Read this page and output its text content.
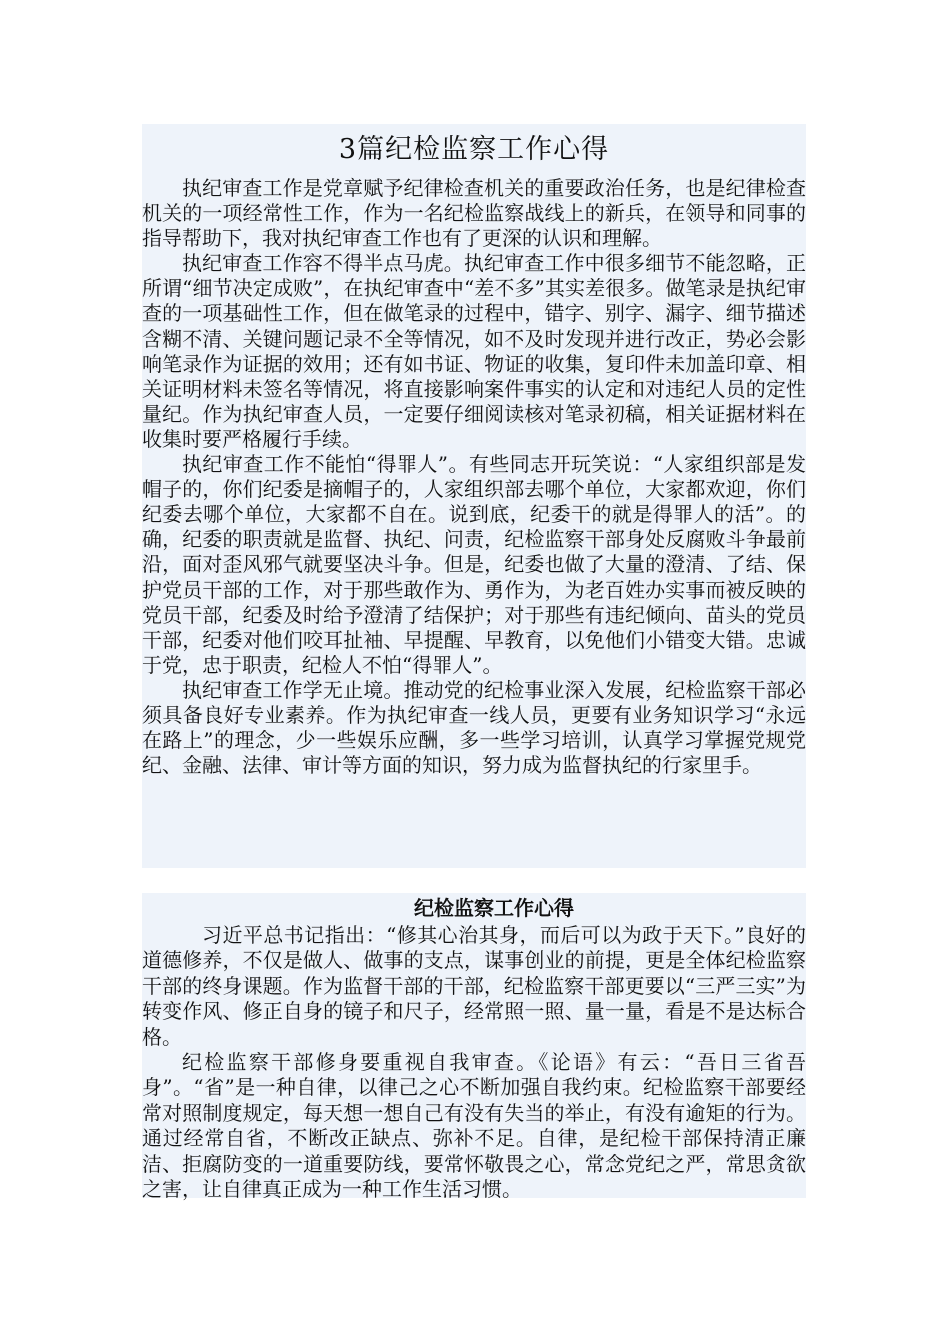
3篇纪检监察工作心得

执纪审查工作是党章赋予纪律检查机关的重要政治任务，也是纪律检查机关的一项经常性工作，作为一名纪检监察战线上的新兵，在领导和同事的指导帮助下，我对执纪审查工作也有了更深的认识和理解。

执纪审查工作容不得半点马虎。执纪审查工作中很多细节不能忽略，正所谓“细节决定成败”，在执纪审查中“差不多”其实差很多。做笔录是执纪审查的一项基础性工作，但在做笔录的过程中，错字、别字、漏字、细节描述含糊不清、关键问题记录不全等情况，如不及时发现并进行改正，势必会影响笔录作为证据的效用；还有如书证、物证的收集，复印件未加盖印章、相关证明材料未签名等情况，将直接影响案件事实的认定和对违纪人员的定性量纪。作为执纪审查人员，一定要仔细阅读核对笔录初稿，相关证据材料在收集时要严格履行手续。

执纪审查工作不能怕“得罪人”。有些同志开玩笑说：“人家组织部是发帽子的，你们纪委是摘帽子的，人家组织部去哪个单位，大家都欢迎，你们纪委去哪个单位，大家都不自在。说到底，纪委干的就是得罪人的活”。的确，纪委的职责就是监督、执纪、问责，纪检监察干部身处反腐败斗争最前沿，面对歪风邪气就要坚决斗争。但是，纪委也做了大量的澄清、了结、保护党员干部的工作，对于那些敢作为、勇作为，为老百姓办实事而被反映的党员干部，纪委及时给予澄清了结保护；对于那些有违纪倾向、苗头的党员干部，纪委对他们咬耳扯袖、早提醒、早教育，以免他们小错变大错。忠诚于党，忠于职责，纪检人不怕“得罪人”。

执纪审查工作学无止境。推动党的纪检事业深入发展，纪检监察干部必须具备良好专业素养。作为执纪审查一线人员，更要有业务知识学习“永远在路上”的理念，少一些娱乐应酬，多一些学习培训，认真学习掌握党规党纪、金融、法律、审计等方面的知识，努力成为监督执纪的行家里手。

纪检监察工作心得

习近平总书记指出：“修其心治其身，而后可以为政于天下。”良好的道德修养，不仅是做人、做事的支点，谋事创业的前提，更是全体纪检监察干部的终身课题。作为监督干部的干部，纪检监察干部更要以“三严三实”为转变作风、修正自身的镜子和尺子，经常照一照、量一量，看是不是达标合格。

纪检监察干部修身要重视自我审查。《论语》有云：“吾日三省吾身”。“省”是一种自律，以律己之心不断加强自我约束。纪检监察干部要经常对照制度规定，每天想一想自己有没有失当的举止，有没有逾矩的行为。通过经常自省，不断改正缺点、弥补不足。自律，是纪检干部保持清正廉洁、拒腐防变的一道重要防线，要常怀敬畏之心，常念党纪之严，常思贪欲之害，让自律真正成为一种工作生活习惯。
